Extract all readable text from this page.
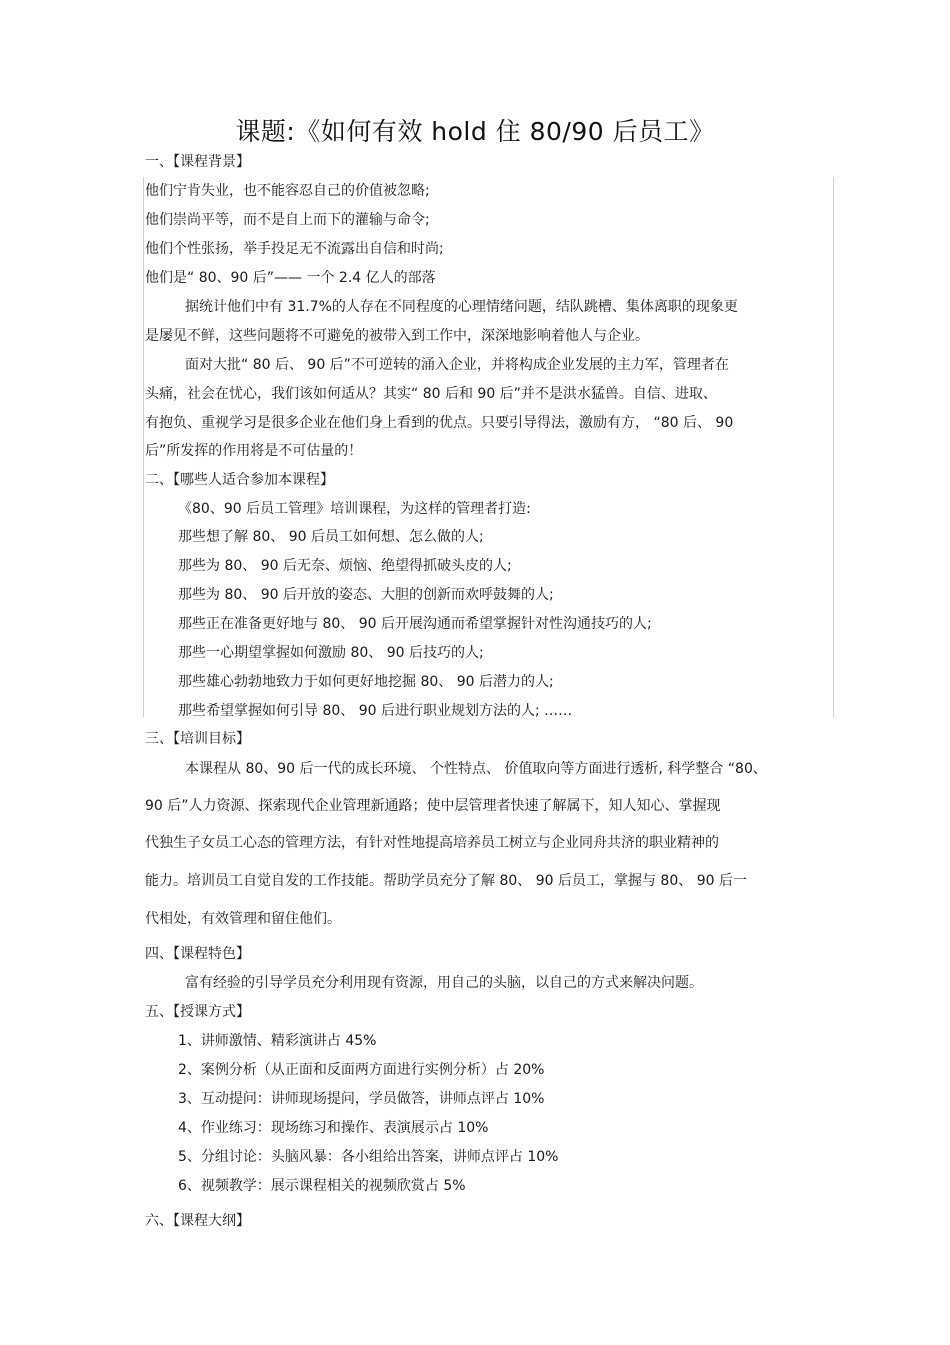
课题:《如何有效 hold 住 80/90 后员工》
一、【课程背景】
他们宁肯失业，也不能容忍自己的价值被忽略;
他们崇尚平等，而不是自上而下的灌输与命令;
他们个性张扬，举手投足无不流露出自信和时尚;
他们是“ 80、90 后”—— 一个 2.4 亿人的部落
据统计他们中有 31.7%的人存在不同程度的心理情绪问题，结队跳槽、集体离职的现象更
是屡见不鲜，这些问题将不可避免的被带入到工作中，深深地影响着他人与企业。
面对大批“ 80 后、 90 后”不可逆转的涌入企业，并将构成企业发展的主力军，管理者在
头痛，社会在忧心，我们该如何适从？其实“ 80 后和 90 后”并不是洪水猛兽。自信、进取、
有抱负、重视学习是很多企业在他们身上看到的优点。只要引导得法，激励有方， “80 后、 90
后”所发挥的作用将是不可估量的！
二、【哪些人适合参加本课程】
《80、90 后员工管理》培训课程，为这样的管理者打造:
那些想了解 80、 90 后员工如何想、怎么做的人;
那些为 80、 90 后无奈、烦恼、绝望得抓破头皮的人;
那些为 80、 90 后开放的姿态、大胆的创新而欢呼鼓舞的人;
那些正在准备更好地与 80、 90 后开展沟通而希望掌握针对性沟通技巧的人;
那些一心期望掌握如何激励 80、 90 后技巧的人;
那些雄心勃勃地致力于如何更好地挖掘 80、 90 后潜力的人;
那些希望掌握如何引导 80、 90 后进行职业规划方法的人; ……
三、【培训目标】
本课程从 80、90 后一代的成长环境、 个性特点、 价值取向等方面进行透析, 科学整合 “80、
90 后”人力资源、探索现代企业管理新通路；使中层管理者快速了解属下，知人知心、掌握现
代独生子女员工心态的管理方法，有针对性地提高培养员工树立与企业同舟共济的职业精神的
能力。培训员工自觉自发的工作技能。帮助学员充分了解 80、 90 后员工，掌握与 80、 90 后一
代相处，有效管理和留住他们。
四、【课程特色】
富有经验的引导学员充分利用现有资源，用自己的头脑，以自己的方式来解决问题。
五、【授课方式】
1、讲师激情、精彩演讲占 45%
2、案例分析（从正面和反面两方面进行实例分析）占 20%
3、互动提问：讲师现场提问，学员做答，讲师点评占 10%
4、作业练习：现场练习和操作、表演展示占 10%
5、分组讨论：头脑风暴：各小组给出答案，讲师点评占 10%
6、视频教学：展示课程相关的视频欣赏占 5%
六、【课程大纲】
